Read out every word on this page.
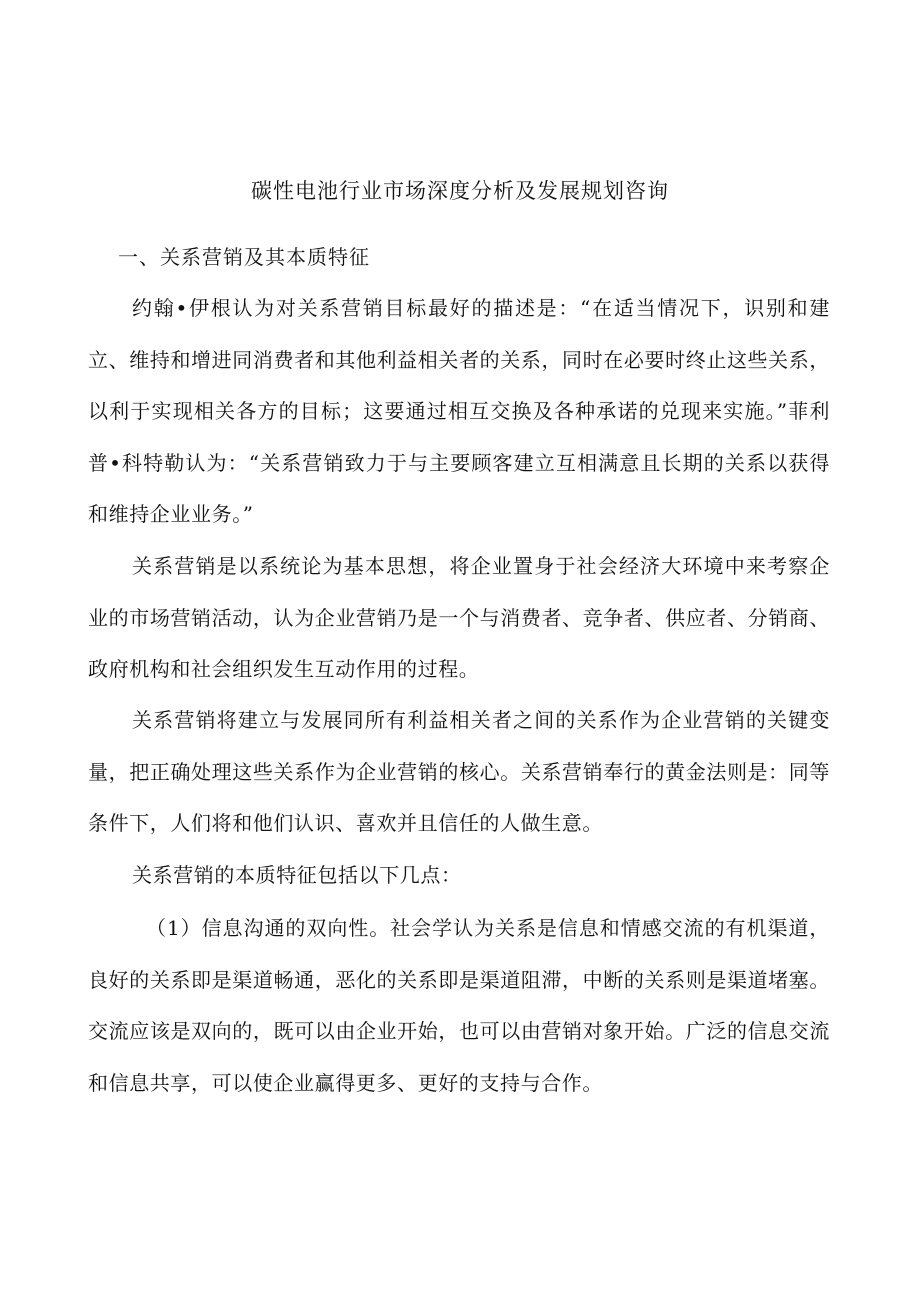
碳性电池行业市场深度分析及发展规划咨询
一、关系营销及其本质特征

约翰•伊根认为对关系营销目标最好的描述是：“在适当情况下，识别和建立、维持和增进同消费者和其他利益相关者的关系，同时在必要时终止这些关系，以利于实现相关各方的目标；这要通过相互交换及各种承诺的兑现来实施。”菲利普•科特勒认为：“关系营销致力于与主要顾客建立互相满意且长期的关系以获得和维持企业业务。”

关系营销是以系统论为基本思想，将企业置身于社会经济大环境中来考察企业的市场营销活动，认为企业营销乃是一个与消费者、竞争者、供应者、分销商、政府机构和社会组织发生互动作用的过程。

关系营销将建立与发展同所有利益相关者之间的关系作为企业营销的关键变量，把正确处理这些关系作为企业营销的核心。关系营销奉行的黄金法则是：同等条件下，人们将和他们认识、喜欢并且信任的人做生意。

关系营销的本质特征包括以下几点：

（1）信息沟通的双向性。社会学认为关系是信息和情感交流的有机渠道，良好的关系即是渠道畅通，恶化的关系即是渠道阻滞，中断的关系则是渠道堵塞。交流应该是双向的，既可以由企业开始，也可以由营销对象开始。广泛的信息交流和信息共享，可以使企业赢得更多、更好的支持与合作。
